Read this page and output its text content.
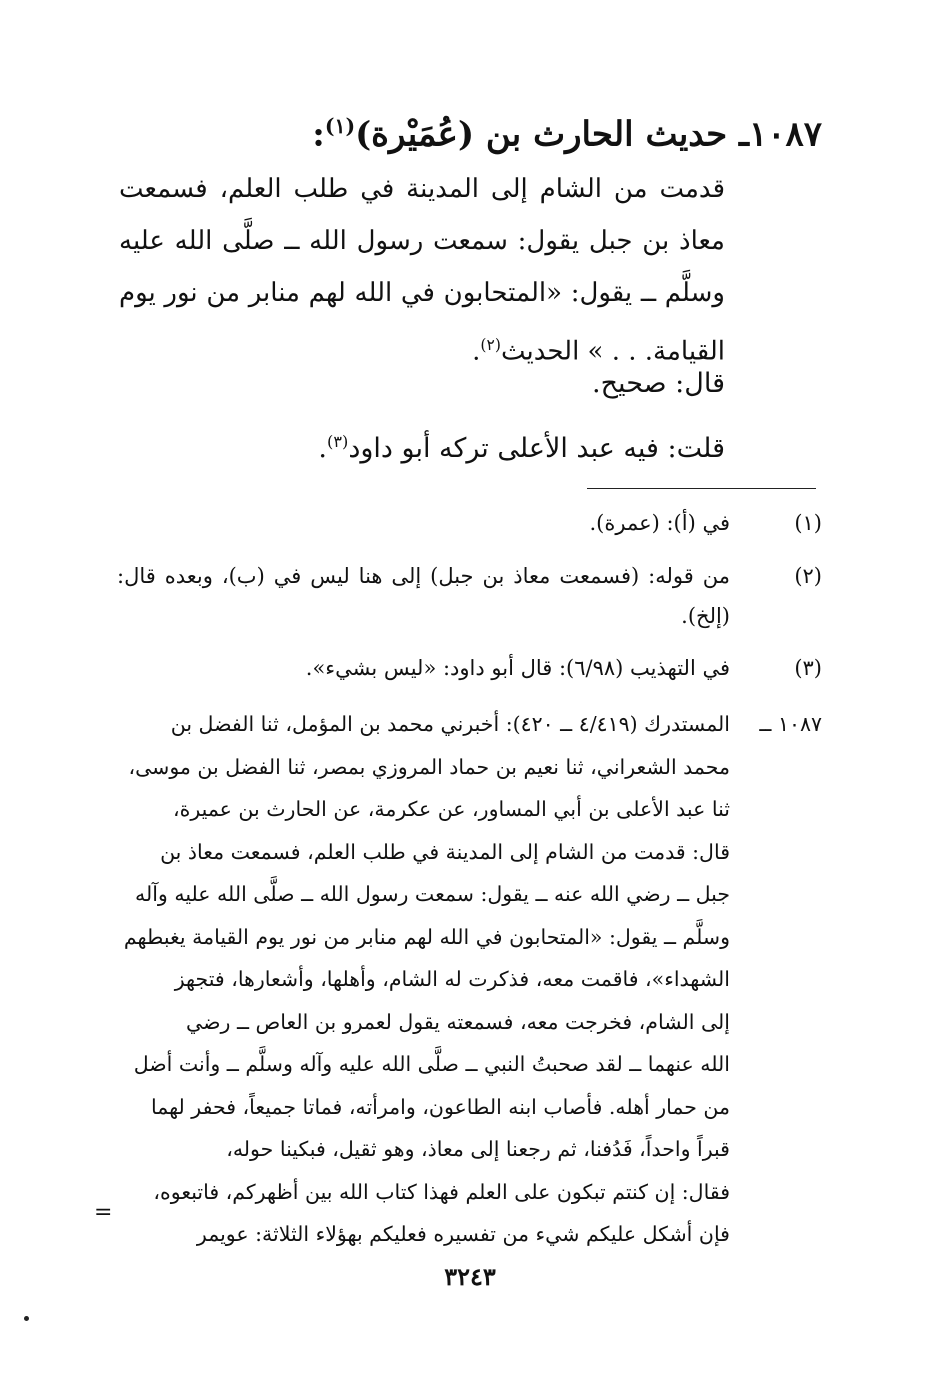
١٠٨٧ـ حديث الحارث بن (عُمَيْرة)$^{(١)}$:

قدمت من الشام إلى المدينة في طلب العلم، فسمعت معاذ بن جبل يقول: سمعت رسول الله ــ صلَّى الله عليه وسلَّم ــ يقول: «المتحابون في الله لهم منابر من نور يوم القيامة. . . » الحديث$^{(٢)}$.

قال: صحيح.
قلت: فيه عبد الأعلى تركه أبو داود$^{(٣)}$.
(١)
في (أ): (عمرة).
(٢)
من قوله: (فسمعت معاذ بن جبل) إلى هنا ليس في (ب)، وبعده قال: (إلخ).
(٣)
في التهذيب (٦/٩٨): قال أبو داود: «ليس بشيء».
١٠٨٧ ــ
المستدرك (٤/٤١٩ ــ ٤٢٠): أخبرني محمد بن المؤمل، ثنا الفضل بن
محمد الشعراني، ثنا نعيم بن حماد المروزي بمصر، ثنا الفضل بن موسى،
ثنا عبد الأعلى بن أبي المساور، عن عكرمة، عن الحارث بن عميرة،
قال: قدمت من الشام إلى المدينة في طلب العلم، فسمعت معاذ بن
جبل ــ رضي الله عنه ــ يقول: سمعت رسول الله ــ صلَّى الله عليه وآله
وسلَّم ــ يقول: «المتحابون في الله لهم منابر من نور يوم القيامة يغبطهم
الشهداء»، فاقمت معه، فذكرت له الشام، وأهلها، وأشعارها، فتجهز
إلى الشام، فخرجت معه، فسمعته يقول لعمرو بن العاص ــ رضي
الله عنهما ــ لقد صحبتُ النبي ــ صلَّى الله عليه وآله وسلَّم ــ وأنت أضل
من حمار أهله. فأصاب ابنه الطاعون، وامرأته، فماتا جميعاً، فحفر لهما
قبراً واحداً، فَدُفنا، ثم رجعنا إلى معاذ، وهو ثقيل، فبكينا حوله،
فقال: إن كنتم تبكون على العلم فهذا كتاب الله بين أظهركم، فاتبعوه،
فإن أشكل عليكم شيء من تفسيره فعليكم بهؤلاء الثلاثة: عويمر
=
٣٢٤٣
